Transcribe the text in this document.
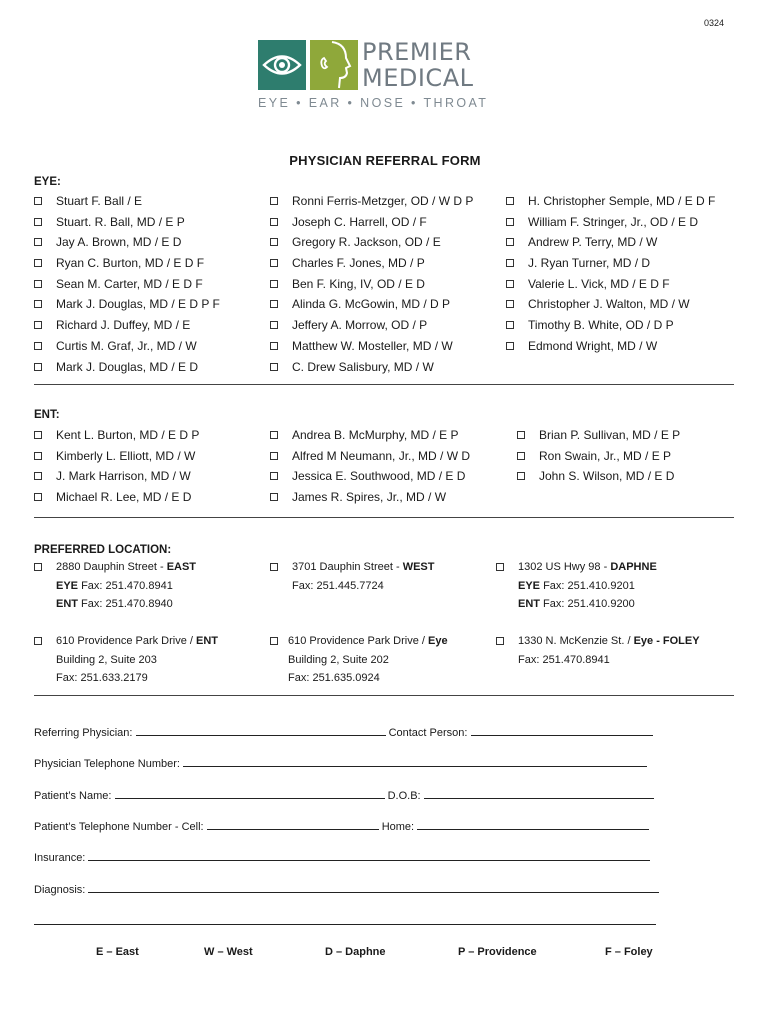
0324
PREMIER
MEDICAL
EYE • EAR • NOSE • THROAT
PHYSICIAN REFERRAL FORM
EYE:
Stuart F. Ball / E
Stuart. R. Ball, MD / E P
Jay A. Brown, MD / E D
Ryan C. Burton, MD / E D F
Sean M. Carter, MD / E D F
Mark J. Douglas, MD / E D P F
Richard J. Duffey, MD / E
Curtis M. Graf, Jr., MD / W
Mark J. Douglas, MD / E D
Ronni Ferris-Metzger, OD / W D P
Joseph C. Harrell, OD / F
Gregory R. Jackson, OD / E
Charles F. Jones, MD / P
Ben F. King, IV, OD / E D
Alinda G. McGowin, MD / D P
Jeffery A. Morrow, OD / P
Matthew W. Mosteller, MD / W
C. Drew Salisbury, MD / W
H. Christopher Semple, MD / E D F
William F. Stringer, Jr., OD / E D
Andrew P. Terry, MD / W
J. Ryan Turner, MD / D
Valerie L. Vick, MD / E D F
Christopher J. Walton, MD / W
Timothy B. White, OD / D P
Edmond Wright, MD / W
ENT:
Kent L. Burton, MD / E D P
Kimberly L. Elliott, MD / W
J. Mark Harrison, MD / W
Michael R. Lee, MD / E D
Andrea B. McMurphy, MD / E P
Alfred M Neumann, Jr., MD / W D
Jessica E. Southwood, MD / E D
James R. Spires, Jr., MD / W
Brian P. Sullivan, MD / E P
Ron Swain, Jr., MD / E P
John S. Wilson, MD / E D
PREFERRED LOCATION:
2880 Dauphin Street - EAST
EYE Fax: 251.470.8941
ENT Fax: 251.470.8940
3701 Dauphin Street - WEST
Fax: 251.445.7724
1302 US Hwy 98 - DAPHNE
EYE Fax: 251.410.9201
ENT Fax: 251.410.9200
610 Providence Park Drive / ENT
Building 2, Suite 203
Fax: 251.633.2179
610 Providence Park Drive / Eye
Building 2, Suite 202
Fax: 251.635.0924
1330 N. McKenzie St. / Eye - FOLEY
Fax: 251.470.8941
Referring Physician:	Contact Person:
Physician Telephone Number:
Patient’s Name:	D.O.B:
Patient’s Telephone Number - Cell:	Home:
Insurance:
Diagnosis:
E – East	W – West	D – Daphne	P – Providence	F – Foley
